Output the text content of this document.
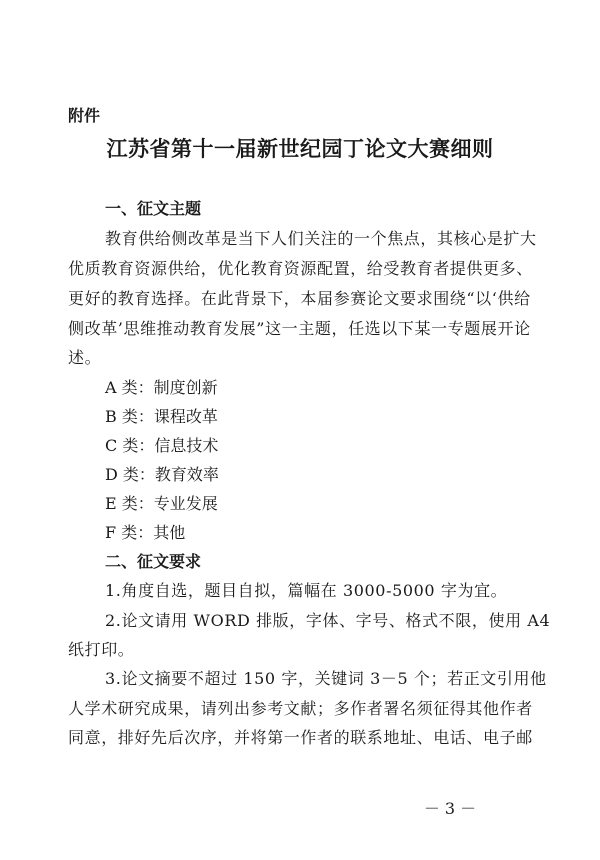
附件
江苏省第十一届新世纪园丁论文大赛细则
一、征文主题
教育供给侧改革是当下人们关注的一个焦点，其核心是扩大
优质教育资源供给，优化教育资源配置，给受教育者提供更多、
更好的教育选择。在此背景下，本届参赛论文要求围绕“以‘供给
侧改革’思维推动教育发展”这一主题，任选以下某一专题展开论
述。
A 类：制度创新
B 类：课程改革
C 类：信息技术
D 类：教育效率
E 类：专业发展
F 类：其他
二、征文要求
1.角度自选，题目自拟，篇幅在 3000-5000 字为宜。
2.论文请用 WORD 排版，字体、字号、格式不限，使用 A4
纸打印。
3.论文摘要不超过 150 字，关键词 3－5 个；若正文引用他
人学术研究成果，请列出参考文献；多作者署名须征得其他作者
同意，排好先后次序，并将第一作者的联系地址、电话、电子邮
－ 3 －
